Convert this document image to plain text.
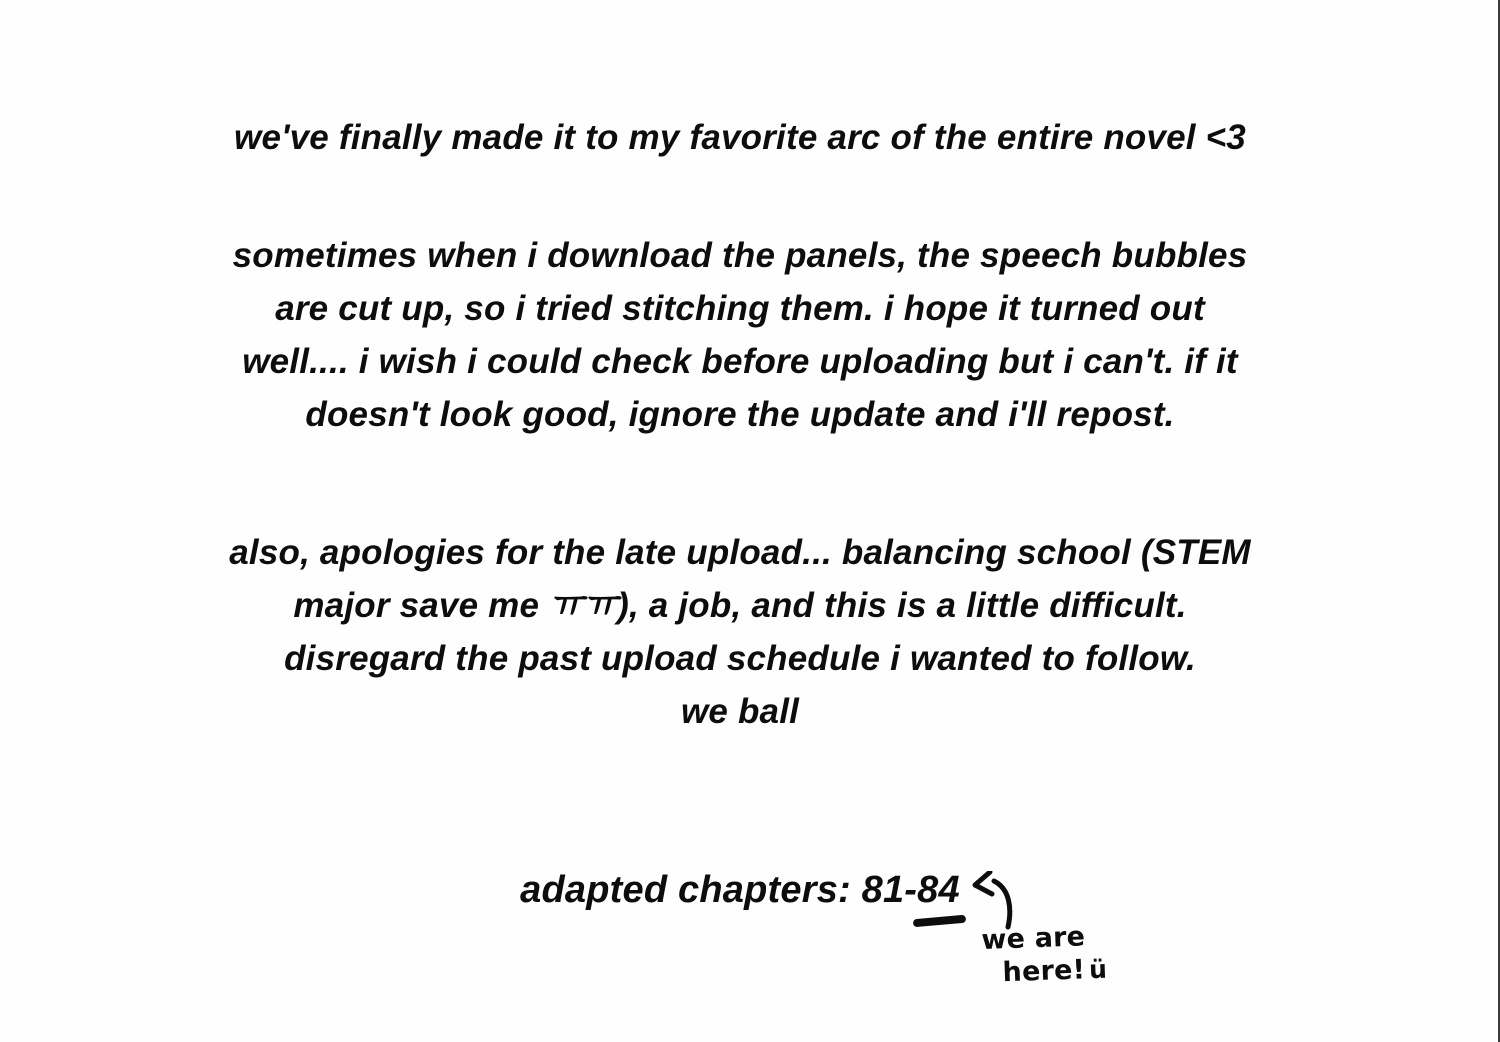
we've finally made it to my favorite arc of the entire novel <3

sometimes when i download the panels, the speech bubbles

are cut up, so i tried stitching them. i hope it turned out

well.... i wish i could check before uploading but i can't. if it

doesn't look good, ignore the update and i'll repost.

also, apologies for the late upload... balancing school (STEM

major save me ㅠㅠ), a job, and this is a little difficult.

disregard the past upload schedule i wanted to follow.

we ball

adapted chapters: 81-84
we are
here! ü
